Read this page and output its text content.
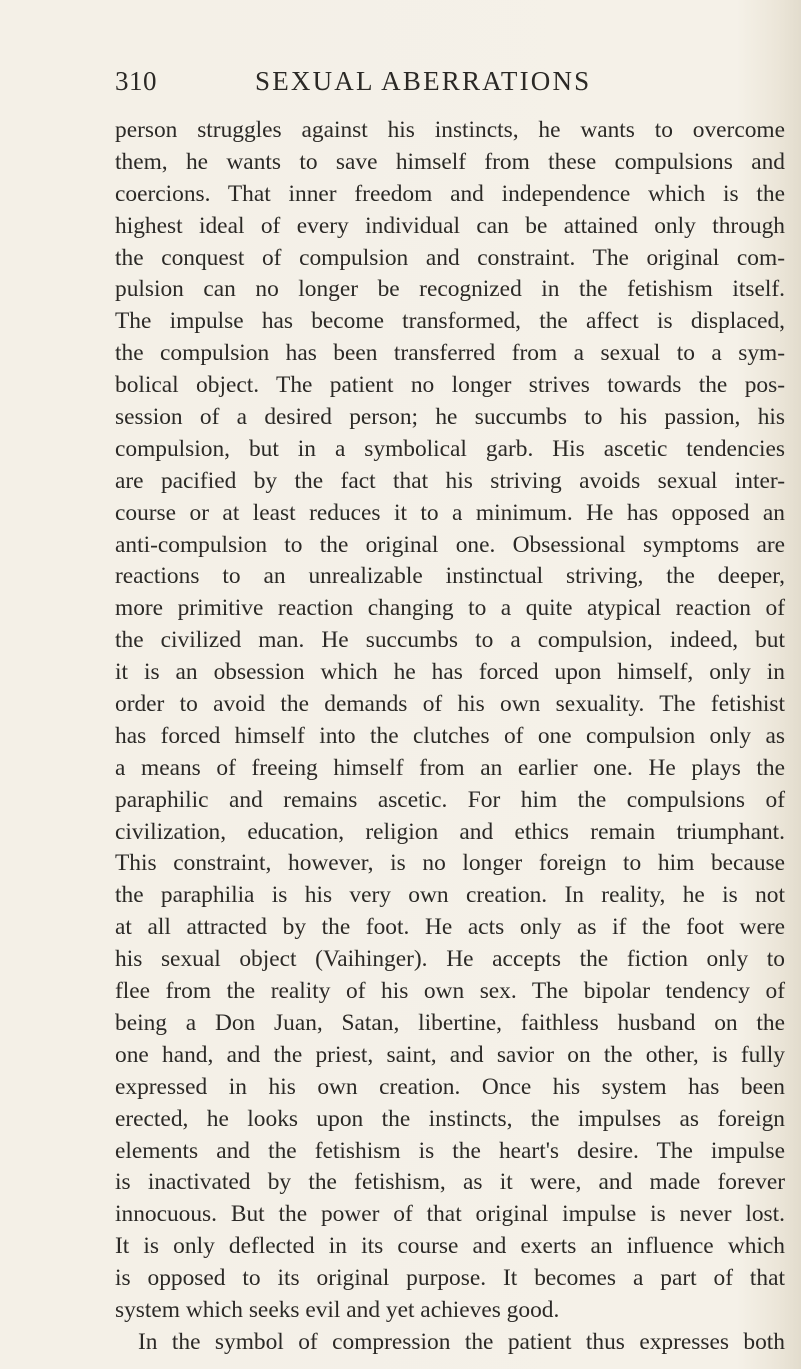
310	SEXUAL ABERRATIONS
person struggles against his instincts, he wants to overcome
them, he wants to save himself from these compulsions and
coercions. That inner freedom and independence which is the
highest ideal of every individual can be attained only through
the conquest of compulsion and constraint. The original com-
pulsion can no longer be recognized in the fetishism itself.
The impulse has become transformed, the affect is displaced,
the compulsion has been transferred from a sexual to a sym-
bolical object. The patient no longer strives towards the pos-
session of a desired person; he succumbs to his passion, his
compulsion, but in a symbolical garb. His ascetic tendencies
are pacified by the fact that his striving avoids sexual inter-
course or at least reduces it to a minimum. He has opposed an
anti-compulsion to the original one. Obsessional symptoms are
reactions to an unrealizable instinctual striving, the deeper,
more primitive reaction changing to a quite atypical reaction of
the civilized man. He succumbs to a compulsion, indeed, but
it is an obsession which he has forced upon himself, only in
order to avoid the demands of his own sexuality. The fetishist
has forced himself into the clutches of one compulsion only as
a means of freeing himself from an earlier one. He plays the
paraphilic and remains ascetic. For him the compulsions of
civilization, education, religion and ethics remain triumphant.
This constraint, however, is no longer foreign to him because
the paraphilia is his very own creation. In reality, he is not
at all attracted by the foot. He acts only as if the foot were
his sexual object (Vaihinger). He accepts the fiction only to
flee from the reality of his own sex. The bipolar tendency of
being a Don Juan, Satan, libertine, faithless husband on the
one hand, and the priest, saint, and savior on the other, is fully
expressed in his own creation. Once his system has been
erected, he looks upon the instincts, the impulses as foreign
elements and the fetishism is the heart's desire. The impulse
is inactivated by the fetishism, as it were, and made forever
innocuous. But the power of that original impulse is never lost.
It is only deflected in its course and exerts an influence which
is opposed to its original purpose. It becomes a part of that
system which seeks evil and yet achieves good.
In the symbol of compression the patient thus expresses both
